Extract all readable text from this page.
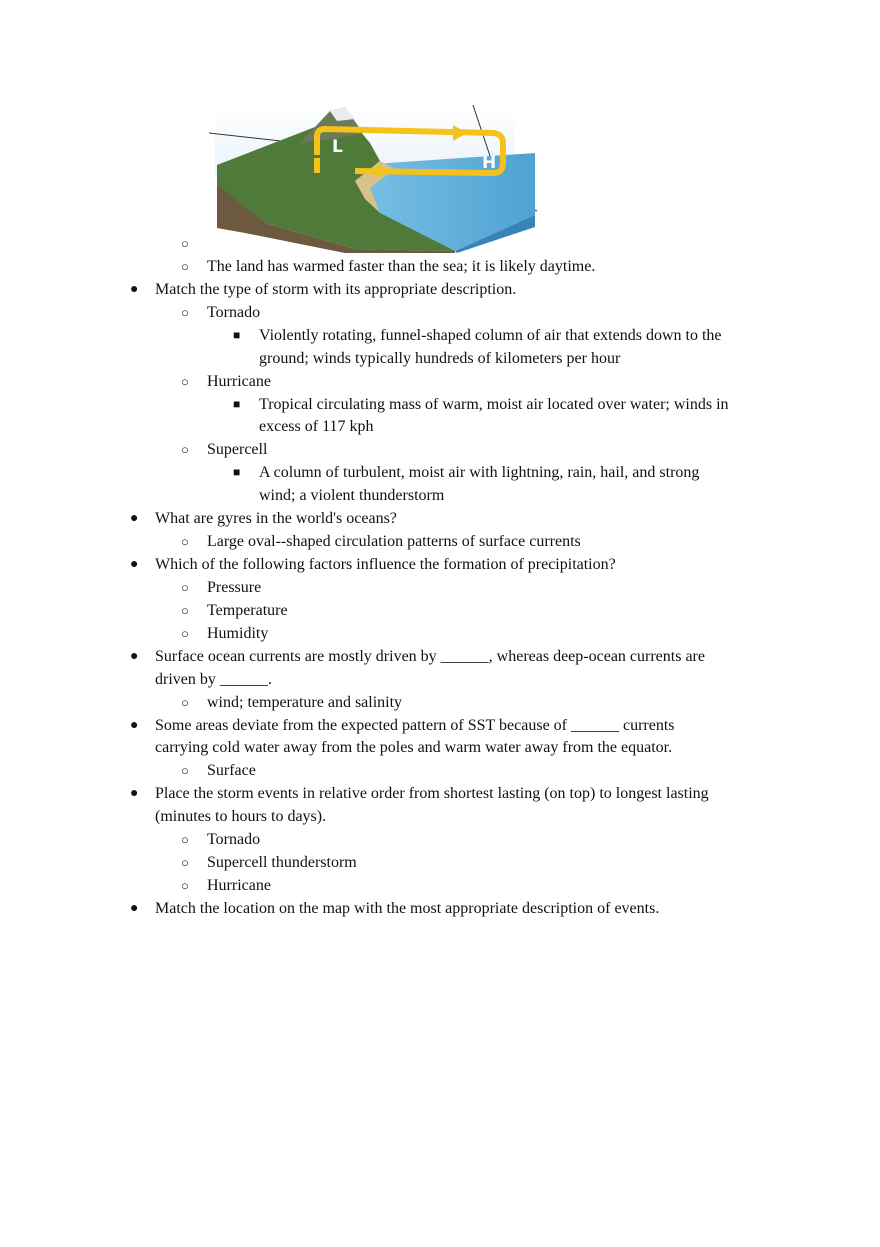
L
H
○
○ The land has warmed faster than the sea; it is likely daytime.
● Match the type of storm with its appropriate description.
○ Tornado
■ Violently rotating, funnel-shaped column of air that extends down to the
ground; winds typically hundreds of kilometers per hour
○ Hurricane
■ Tropical circulating mass of warm, moist air located over water; winds in
excess of 117 kph
○ Supercell
■ A column of turbulent, moist air with lightning, rain, hail, and strong
wind; a violent thunderstorm
● What are gyres in the world's oceans?
○ Large oval--shaped circulation patterns of surface currents
● Which of the following factors influence the formation of precipitation?
○ Pressure
○ Temperature
○ Humidity
● Surface ocean currents are mostly driven by ______, whereas deep-ocean currents are
driven by ______.
○ wind; temperature and salinity
● Some areas deviate from the expected pattern of SST because of ______ currents
carrying cold water away from the poles and warm water away from the equator.
○ Surface
● Place the storm events in relative order from shortest lasting (on top) to longest lasting
(minutes to hours to days).
○ Tornado
○ Supercell thunderstorm
○ Hurricane
● Match the location on the map with the most appropriate description of events.
